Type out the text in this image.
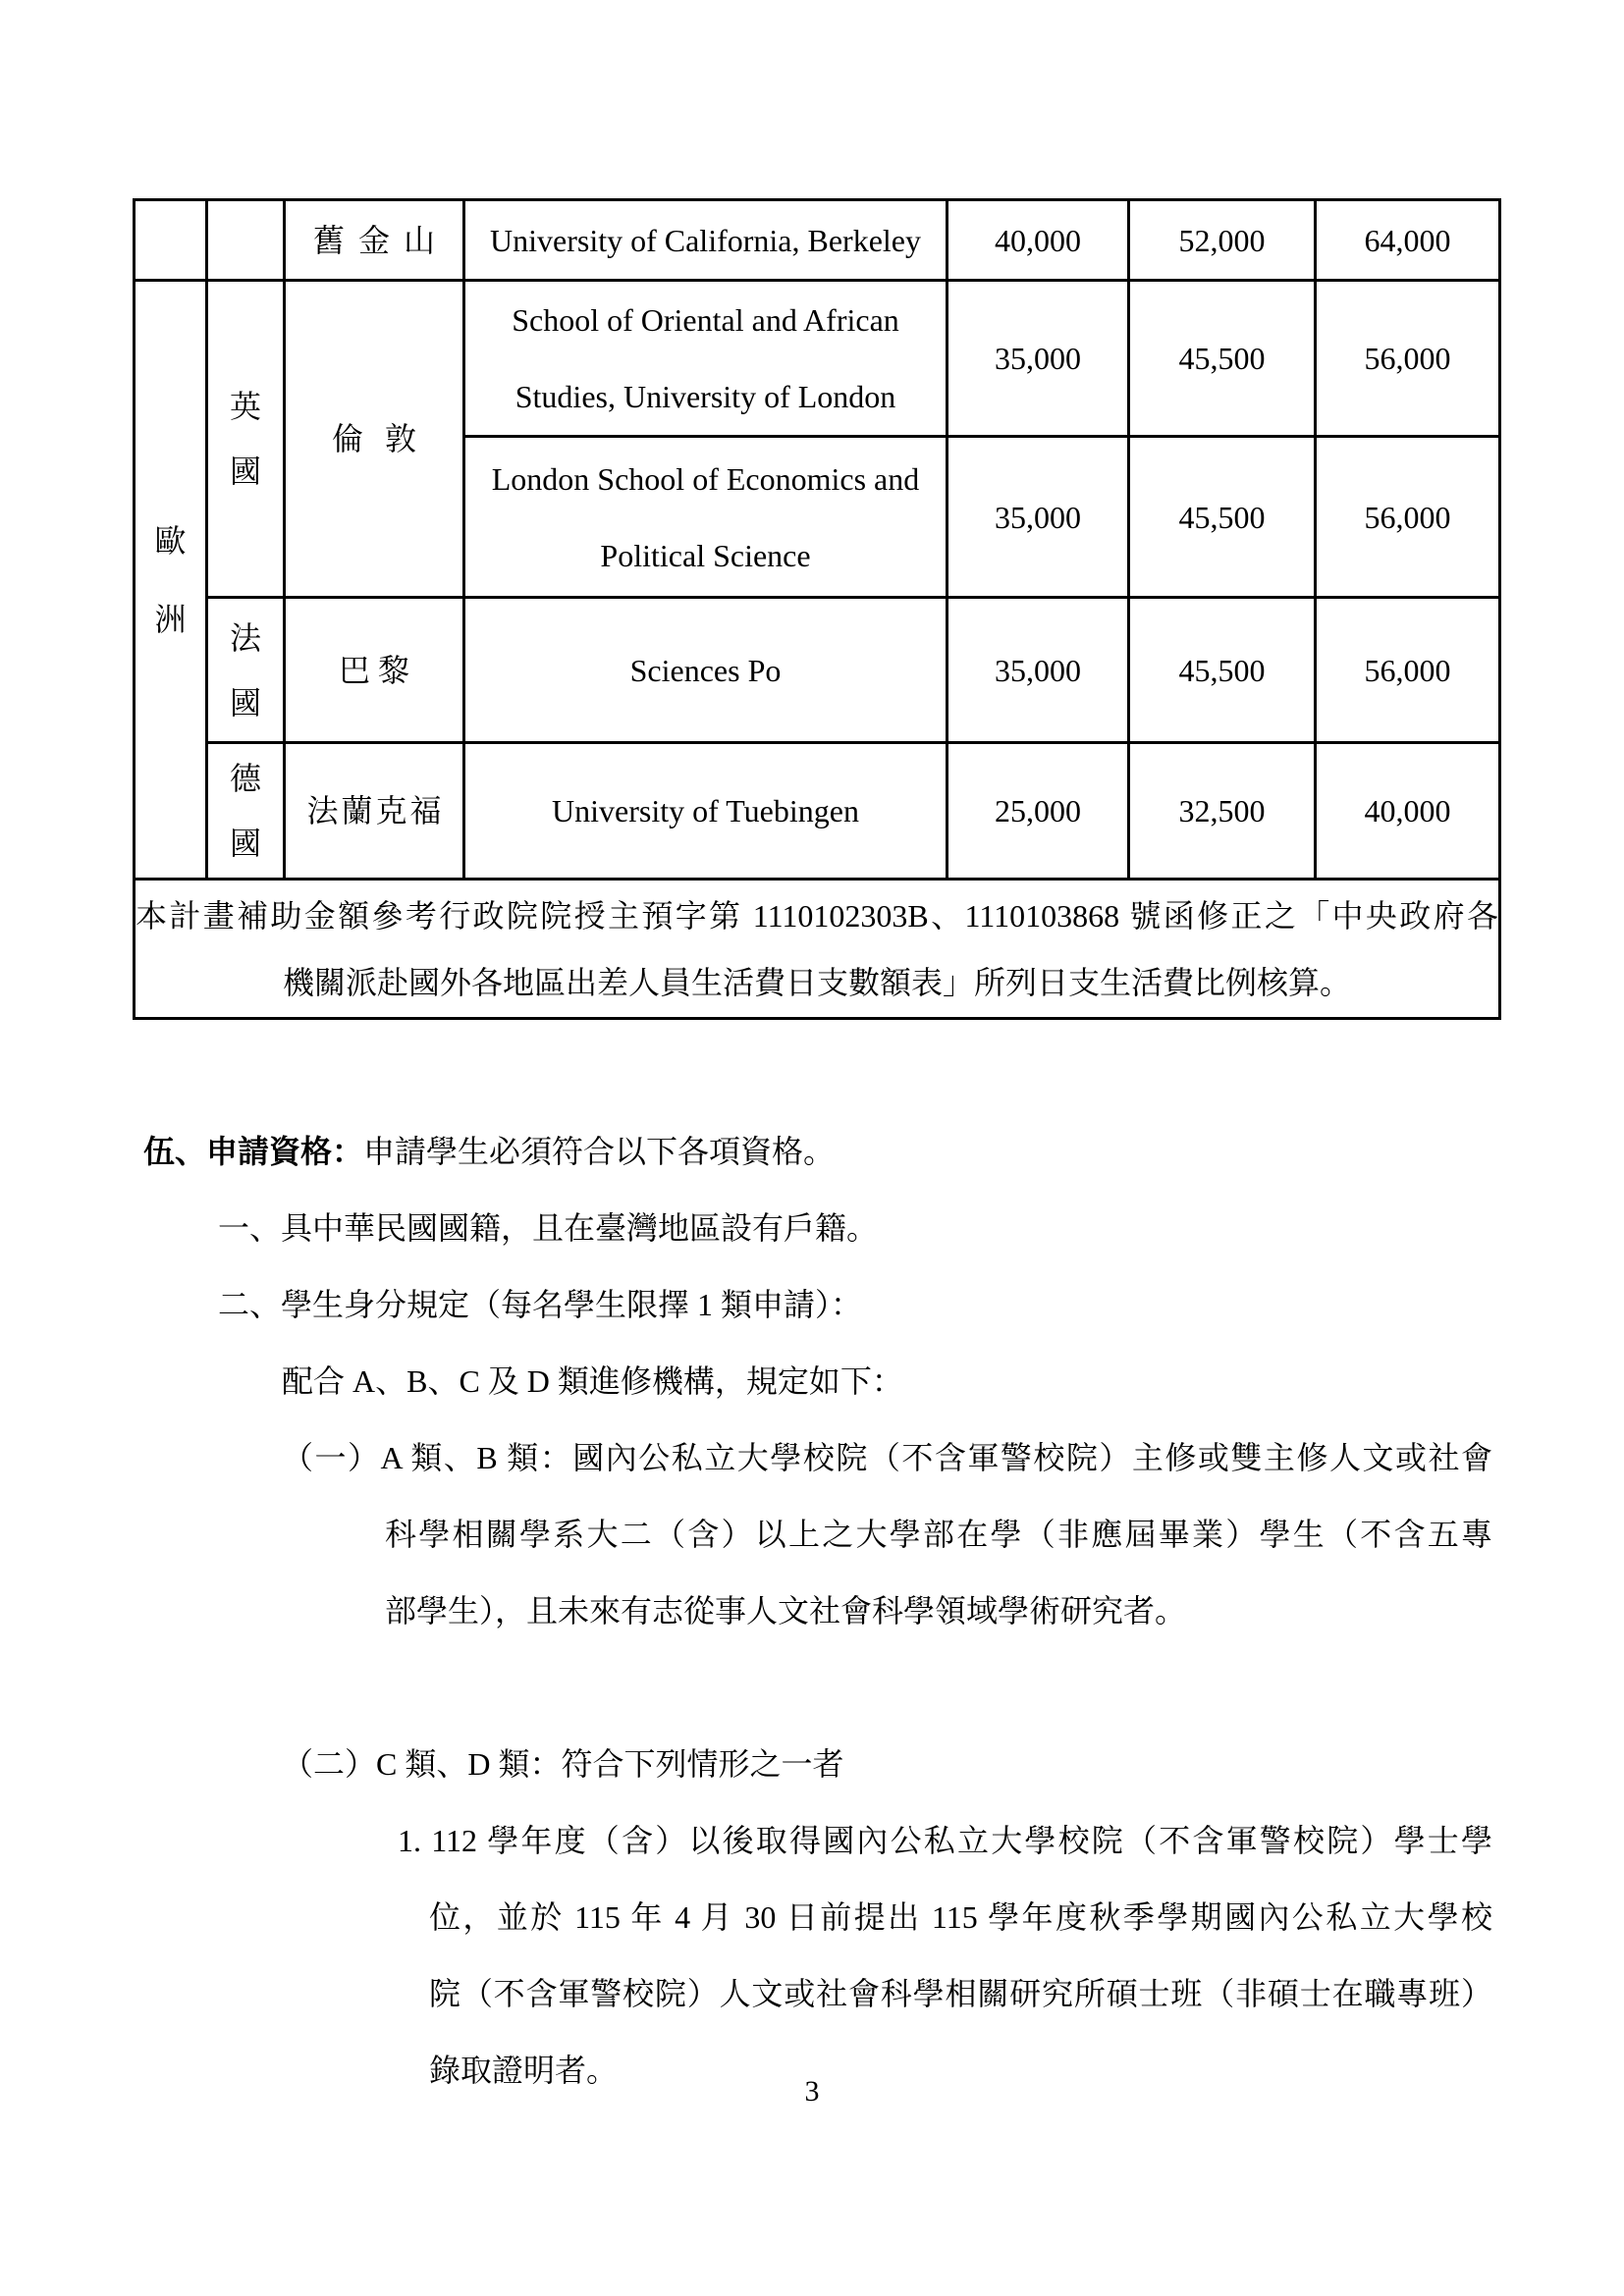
		舊金山	University of California, Berkeley	40,000	52,000	64,000

歐洲	英國	倫敦	School of Oriental and African
Studies, University of London	35,000	45,500	56,000

			London School of Economics and
Political Science	35,000	45,500	56,000

	法國	巴黎	Sciences Po	35,000	45,500	56,000

	德國	法蘭克福	University of Tuebingen	25,000	32,500	40,000

本計畫補助金額參考行政院院授主預字第 1110102303B、1110103868 號函修正之「中央政府各
機關派赴國外各地區出差人員生活費日支數額表」所列日支生活費比例核算。						
伍、申請資格：申請學生必須符合以下各項資格。
一、具中華民國國籍，且在臺灣地區設有戶籍。
二、學生身分規定（每名學生限擇 1 類申請）：
配合 A、B、C 及 D 類進修機構，規定如下：
（一）A 類、B 類：國內公私立大學校院（不含軍警校院）主修或雙主修人文或社會
科學相關學系大二（含）以上之大學部在學（非應屆畢業）學生（不含五專
部學生），且未來有志從事人文社會科學領域學術研究者。
（二）C 類、D 類：符合下列情形之一者
1. 112 學年度（含）以後取得國內公私立大學校院（不含軍警校院）學士學
位，並於 115 年 4 月 30 日前提出 115 學年度秋季學期國內公私立大學校
院（不含軍警校院）人文或社會科學相關研究所碩士班（非碩士在職專班）
錄取證明者。
3
